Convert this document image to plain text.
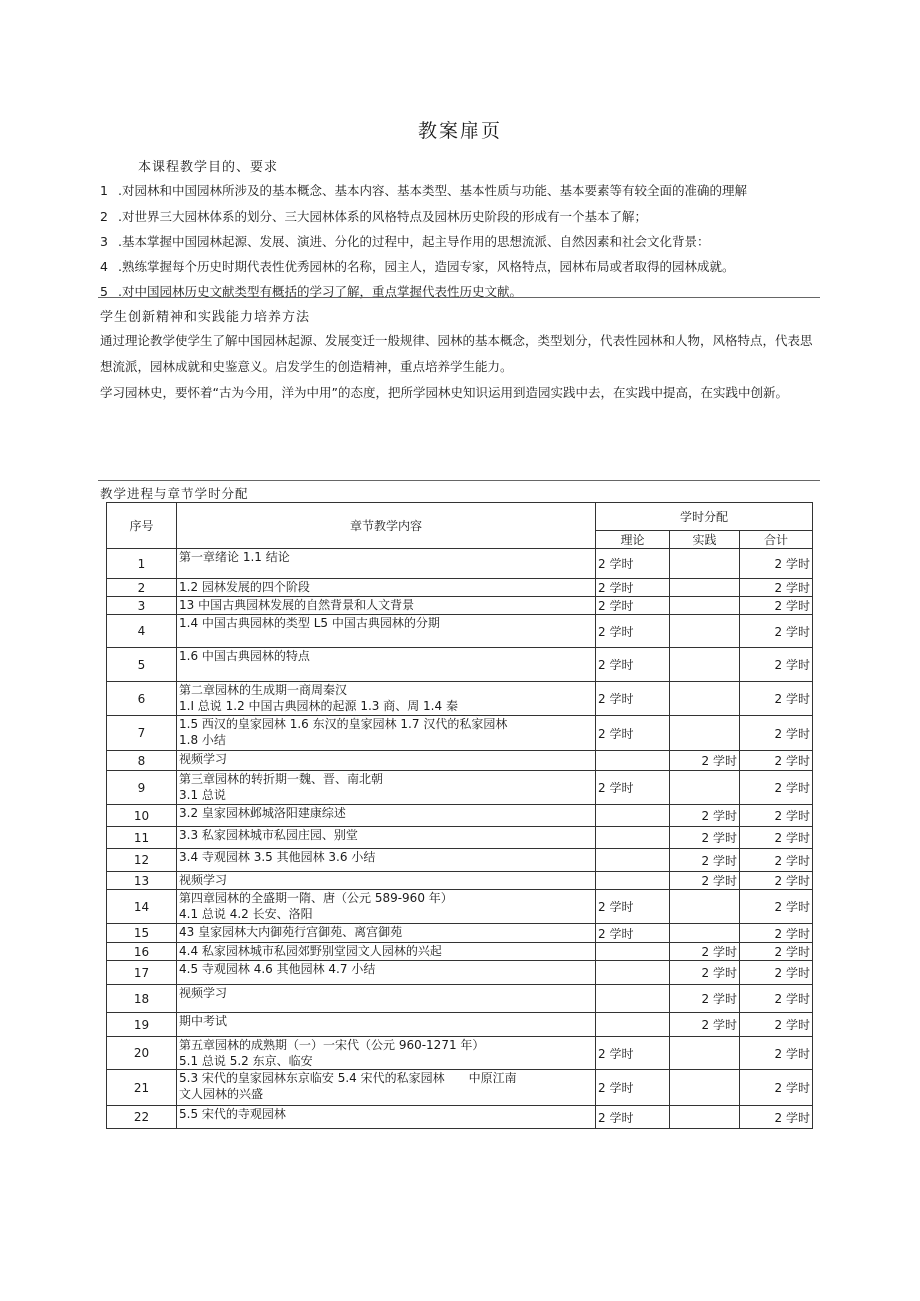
教案扉页
本课程教学目的、要求
1 .对园林和中国园林所涉及的基本概念、基本内容、基本类型、基本性质与功能、基本要素等有较全面的准确的理解
2 .对世界三大园林体系的划分、三大园林体系的风格特点及园林历史阶段的形成有一个基本了解；
3 .基本掌握中国园林起源、发展、演进、分化的过程中，起主导作用的思想流派、自然因素和社会文化背景：
4 .熟练掌握每个历史时期代表性优秀园林的名称，园主人，造园专家，风格特点，园林布局或者取得的园林成就。
5 .对中国园林历史文献类型有概括的学习了解，重点掌握代表性历史文献。
学生创新精神和实践能力培养方法
通过理论教学使学生了解中国园林起源、发展变迁一般规律、园林的基本概念，类型划分，代表性园林和人物，风格特点，代表思想流派，园林成就和史鉴意义。启发学生的创造精神，重点培养学生能力。
学习园林史，要怀着“古为今用，洋为中用”的态度，把所学园林史知识运用到造园实践中去，在实践中提高，在实践中创新。
教学进程与章节学时分配
序号	章节教学内容	学时分配		
		理论	实践	合计
1	第一章绪论 1.1 结论	2 学时		2 学时
2	1.2 园林发展的四个阶段	2 学时		2 学时
3	13 中国古典园林发展的自然背景和人文背景	2 学时		2 学时
4	1.4 中国古典园林的类型 L5 中国古典园林的分期	2 学时		2 学时
5	1.6 中国古典园林的特点	2 学时		2 学时
6	第二章园林的生成期一商周秦汉
1.I 总说 1.2 中国古典园林的起源 1.3 商、周 1.4 秦	2 学时		2 学时
7	1.5 西汉的皇家园林 1.6 东汉的皇家园林 1.7 汉代的私家园林
1.8 小结	2 学时		2 学时
8	视频学习		2 学时	2 学时
9	第三章园林的转折期一魏、晋、南北朝
3.1 总说	2 学时		2 学时
10	3.2 皇家园林邺城洛阳建康综述		2 学时	2 学时
11	3.3 私家园林城市私园庄园、别堂		2 学时	2 学时
12	3.4 寺观园林 3.5 其他园林 3.6 小结		2 学时	2 学时
13	视频学习		2 学时	2 学时
14	第四章园林的全盛期一隋、唐（公元 589-960 年）
4.1 总说 4.2 长安、洛阳	2 学时		2 学时
15	43 皇家园林大内御苑行宫御苑、离宫御苑	2 学时		2 学时
16	4.4 私家园林城市私园郊野别堂园文人园林的兴起		2 学时	2 学时
17	4.5 寺观园林 4.6 其他园林 4.7 小结		2 学时	2 学时
18	视频学习		2 学时	2 学时
19	期中考试		2 学时	2 学时
20	第五章园林的成熟期（一）一宋代（公元 960-1271 年）
5.1 总说 5.2 东京、临安	2 学时		2 学时
21	5.3 宋代的皇家园林东京临安 5.4 宋代的私家园林　　中原江南
文人园林的兴盛	2 学时		2 学时
22	5.5 宋代的寺观园林	2 学时		2 学时
